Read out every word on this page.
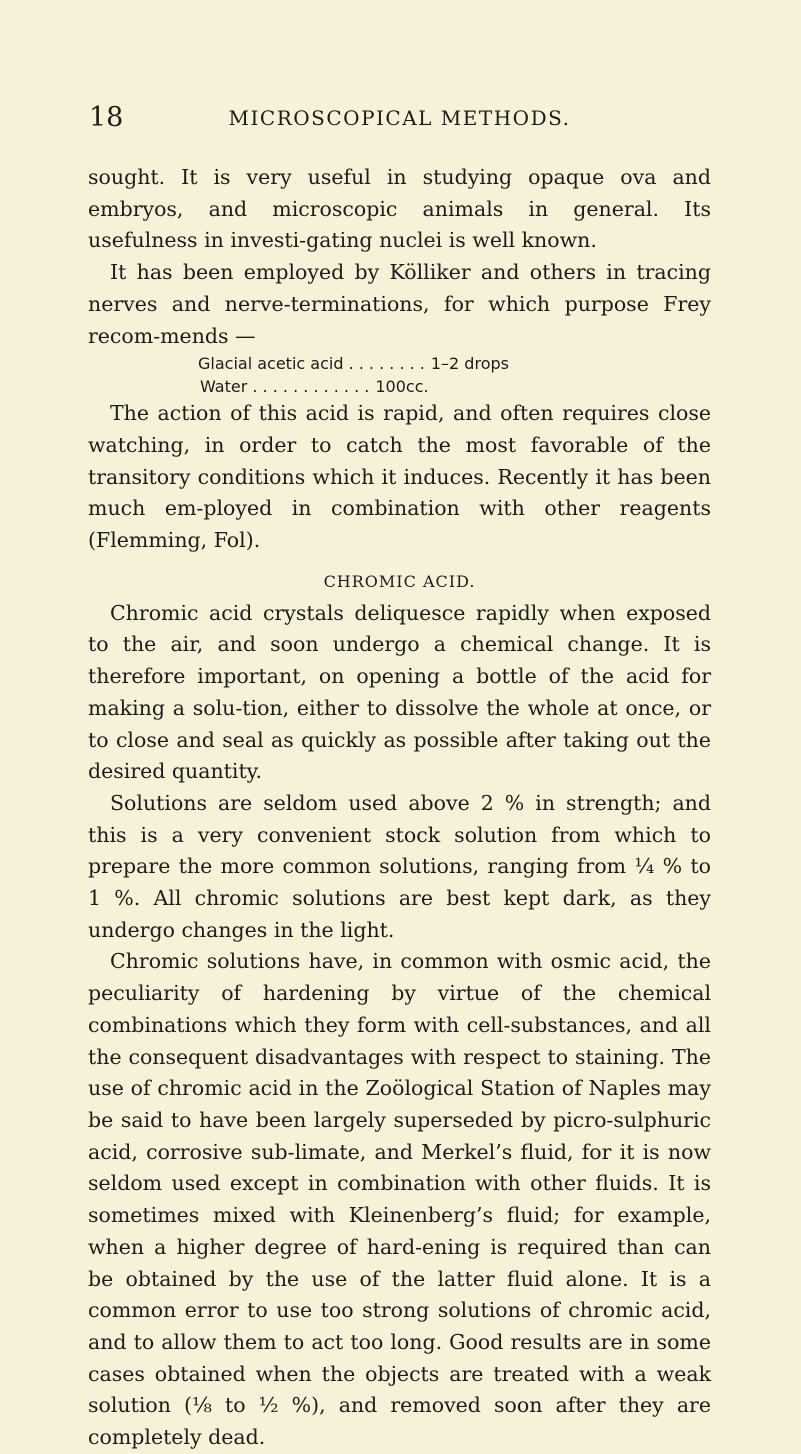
18	MICROSCOPICAL METHODS.

sought. It is very useful in studying opaque ova and embryos, and microscopic animals in general. Its usefulness in investi-gating nuclei is well known.

It has been employed by Kölliker and others in tracing nerves and nerve-terminations, for which purpose Frey recom-mends —

Glacial acetic acid . . . . . . . . 1–2 drops
Water . . . . . . . . . . . . 100cc.

The action of this acid is rapid, and often requires close watching, in order to catch the most favorable of the transitory conditions which it induces. Recently it has been much em-ployed in combination with other reagents (Flemming, Fol).

CHROMIC ACID.

Chromic acid crystals deliquesce rapidly when exposed to the air, and soon undergo a chemical change. It is therefore important, on opening a bottle of the acid for making a solu-tion, either to dissolve the whole at once, or to close and seal as quickly as possible after taking out the desired quantity.

Solutions are seldom used above 2 % in strength; and this is a very convenient stock solution from which to prepare the more common solutions, ranging from ¼ % to 1 %. All chromic solutions are best kept dark, as they undergo changes in the light.

Chromic solutions have, in common with osmic acid, the peculiarity of hardening by virtue of the chemical combinations which they form with cell-substances, and all the consequent disadvantages with respect to staining. The use of chromic acid in the Zoölogical Station of Naples may be said to have been largely superseded by picro-sulphuric acid, corrosive sub-limate, and Merkel’s fluid, for it is now seldom used except in combination with other fluids. It is sometimes mixed with Kleinenberg’s fluid; for example, when a higher degree of hard-ening is required than can be obtained by the use of the latter fluid alone. It is a common error to use too strong solutions of chromic acid, and to allow them to act too long. Good results are in some cases obtained when the objects are treated with a weak solution (⅛ to ½ %), and removed soon after they are completely dead.
